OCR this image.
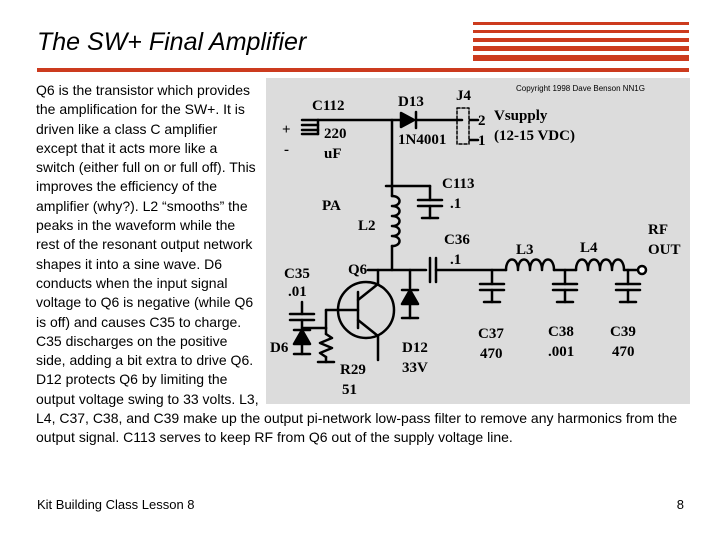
The SW+ Final Amplifier
C112
220
uF
+
-
D13
1N4001
J4
2
1
Vsupply
(12-15 VDC)
C113
.1
PA
L2
C36
.1
L3	L4
RF
OUT
C35
.01
Q6
D6	D12
33V
R29
51
C37
470
C38
.001
C39
470
Copyright 1998 Dave Benson NN1G

Q6 is the transistor which provides the amplification for the SW+. It is driven like a class C amplifier except that it acts more like a switch (either full on or full off). This improves the efficiency of the amplifier (why?). L2 “smooths” the peaks in the waveform while the rest of the resonant output network shapes it into a sine wave. D6 conducts when the input signal voltage to Q6 is negative (while Q6 is off) and causes C35 to charge. C35 discharges on the positive side, adding a bit extra to drive Q6. D12 protects Q6 by limiting the output voltage swing to 33 volts. L3, L4, C37, C38, and C39 make up the output pi-network low-pass filter to remove any harmonics from the output signal. C113 serves to keep RF from Q6 out of the supply voltage line.

Kit Building Class Lesson 8	8
